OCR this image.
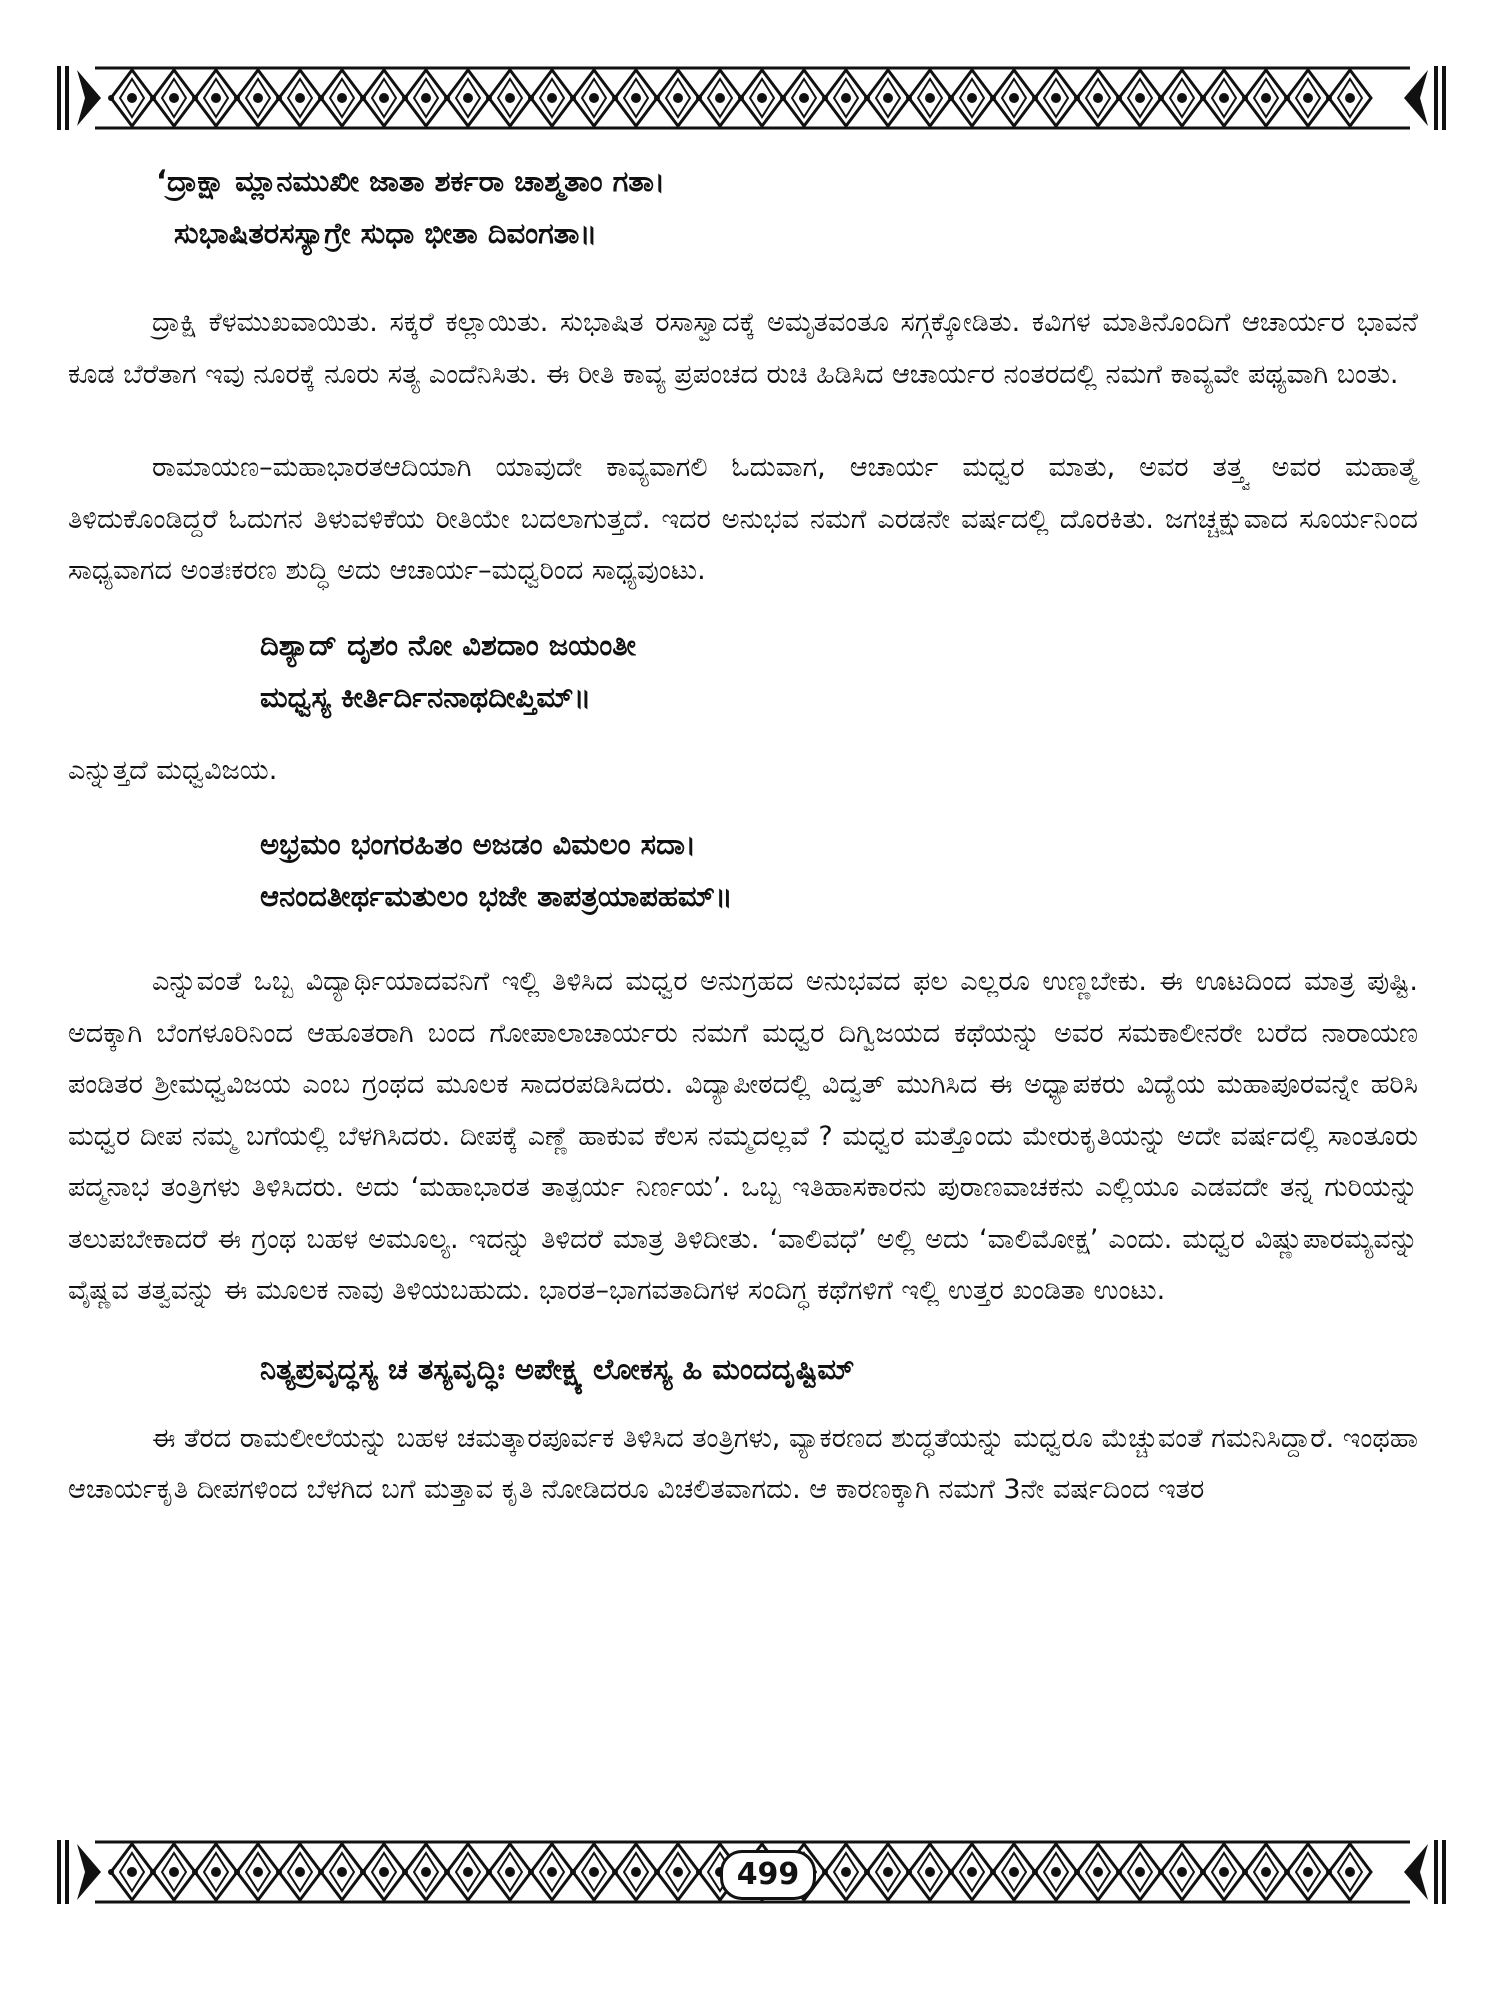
‘ದ್ರಾಕ್ಷಾ ಮ್ಲಾನಮುಖೀ ಜಾತಾ ಶರ್ಕರಾ ಚಾಶ್ಮತಾಂ ಗತಾ।
ಸುಭಾಷಿತರಸಸ್ಯಾಗ್ರೇ ಸುಧಾ ಭೀತಾ ದಿವಂಗತಾ॥

ದ್ರಾಕ್ಷಿ ಕೆಳಮುಖವಾಯಿತು. ಸಕ್ಕರೆ ಕಲ್ಲಾಯಿತು. ಸುಭಾಷಿತ ರಸಾಸ್ವಾದಕ್ಕೆ ಅಮೃತವಂತೂ ಸಗ್ಗಕ್ಕೋಡಿತು. ಕವಿಗಳ ಮಾತಿನೊಂದಿಗೆ ಆಚಾರ್ಯರ ಭಾವನೆ ಕೂಡ ಬೆರೆತಾಗ ಇವು ನೂರಕ್ಕೆ ನೂರು ಸತ್ಯ ಎಂದೆನಿಸಿತು. ಈ ರೀತಿ ಕಾವ್ಯ ಪ್ರಪಂಚದ ರುಚಿ ಹಿಡಿಸಿದ ಆಚಾರ್ಯರ ನಂತರದಲ್ಲಿ ನಮಗೆ ಕಾವ್ಯವೇ ಪಥ್ಯವಾಗಿ ಬಂತು.

ರಾಮಾಯಣ–ಮಹಾಭಾರತಆದಿಯಾಗಿ ಯಾವುದೇ ಕಾವ್ಯವಾಗಲಿ ಓದುವಾಗ, ಆಚಾರ್ಯ ಮಧ್ವರ ಮಾತು, ಅವರ ತತ್ತ್ವ ಅವರ ಮಹಾತ್ಮೆ ತಿಳಿದುಕೊಂಡಿದ್ದರೆ ಓದುಗನ ತಿಳುವಳಿಕೆಯ ರೀತಿಯೇ ಬದಲಾಗುತ್ತದೆ. ಇದರ ಅನುಭವ ನಮಗೆ ಎರಡನೇ ವರ್ಷದಲ್ಲಿ ದೊರಕಿತು. ಜಗಚ್ಚಕ್ಷುವಾದ ಸೂರ್ಯನಿಂದ ಸಾಧ್ಯವಾಗದ ಅಂತಃಕರಣ ಶುದ್ಧಿ ಅದು ಆಚಾರ್ಯ–ಮಧ್ವರಿಂದ ಸಾಧ್ಯವುಂಟು.

ದಿಶ್ಯಾದ್ ದೃಶಂ ನೋ ವಿಶದಾಂ ಜಯಂತೀ
ಮಧ್ವಸ್ಯ ಕೀರ್ತಿರ್ದಿನನಾಥದೀಪ್ತಿಮ್॥

ಎನ್ನುತ್ತದೆ ಮಧ್ವವಿಜಯ.

ಅಭ್ರಮಂ ಭಂಗರಹಿತಂ ಅಜಡಂ ವಿಮಲಂ ಸದಾ।
ಆನಂದತೀರ್ಥಮತುಲಂ ಭಜೇ ತಾಪತ್ರಯಾಪಹಮ್॥

ಎನ್ನುವಂತೆ ಒಬ್ಬ ವಿದ್ಯಾರ್ಥಿಯಾದವನಿಗೆ ಇಲ್ಲಿ ತಿಳಿಸಿದ ಮಧ್ವರ ಅನುಗ್ರಹದ ಅನುಭವದ ಫಲ ಎಲ್ಲರೂ ಉಣ್ಣಬೇಕು. ಈ ಊಟದಿಂದ ಮಾತ್ರ ಪುಷ್ಟಿ. ಅದಕ್ಕಾಗಿ ಬೆಂಗಳೂರಿನಿಂದ ಆಹೂತರಾಗಿ ಬಂದ ಗೋಪಾಲಾಚಾರ್ಯರು ನಮಗೆ ಮಧ್ವರ ದಿಗ್ವಿಜಯದ ಕಥೆಯನ್ನು ಅವರ ಸಮಕಾಲೀನರೇ ಬರೆದ ನಾರಾಯಣ ಪಂಡಿತರ ಶ್ರೀಮಧ್ವವಿಜಯ ಎಂಬ ಗ್ರಂಥದ ಮೂಲಕ ಸಾದರಪಡಿಸಿದರು. ವಿದ್ಯಾಪೀಠದಲ್ಲಿ ವಿದ್ವತ್ ಮುಗಿಸಿದ ಈ ಅಧ್ಯಾಪಕರು ವಿದ್ಯೆಯ ಮಹಾಪೂರವನ್ನೇ ಹರಿಸಿ ಮಧ್ವರ ದೀಪ ನಮ್ಮ ಬಗೆಯಲ್ಲಿ ಬೆಳಗಿಸಿದರು. ದೀಪಕ್ಕೆ ಎಣ್ಣೆ ಹಾಕುವ ಕೆಲಸ ನಮ್ಮದಲ್ಲವೆ ? ಮಧ್ವರ ಮತ್ತೊಂದು ಮೇರುಕೃತಿಯನ್ನು ಅದೇ ವರ್ಷದಲ್ಲಿ ಸಾಂತೂರು ಪದ್ಮನಾಭ ತಂತ್ರಿಗಳು ತಿಳಿಸಿದರು. ಅದು ‘ಮಹಾಭಾರತ ತಾತ್ಪರ್ಯ ನಿರ್ಣಯ’. ಒಬ್ಬ ಇತಿಹಾಸಕಾರನು ಪುರಾಣವಾಚಕನು ಎಲ್ಲಿಯೂ ಎಡವದೇ ತನ್ನ ಗುರಿಯನ್ನು ತಲುಪಬೇಕಾದರೆ ಈ ಗ್ರಂಥ ಬಹಳ ಅಮೂಲ್ಯ. ಇದನ್ನು ತಿಳಿದರೆ ಮಾತ್ರ ತಿಳಿದೀತು. ‘ವಾಲಿವಧೆ’ ಅಲ್ಲಿ ಅದು ‘ವಾಲಿಮೋಕ್ಷ’ ಎಂದು. ಮಧ್ವರ ವಿಷ್ಣುಪಾರಮ್ಯವನ್ನು ವೈಷ್ಣವ ತತ್ವವನ್ನು ಈ ಮೂಲಕ ನಾವು ತಿಳಿಯಬಹುದು. ಭಾರತ–ಭಾಗವತಾದಿಗಳ ಸಂದಿಗ್ಧ ಕಥೆಗಳಿಗೆ ಇಲ್ಲಿ ಉತ್ತರ ಖಂಡಿತಾ ಉಂಟು.

ನಿತ್ಯಪ್ರವೃದ್ಧಸ್ಯ ಚ ತಸ್ಯವೃದ್ಧಿಃ ಅಪೇಕ್ಷ್ಯ ಲೋಕಸ್ಯ ಹಿ ಮಂದದೃಷ್ಟಿಮ್

ಈ ತೆರದ ರಾಮಲೀಲೆಯನ್ನು ಬಹಳ ಚಮತ್ಕಾರಪೂರ್ವಕ ತಿಳಿಸಿದ ತಂತ್ರಿಗಳು, ವ್ಯಾಕರಣದ ಶುದ್ಧತೆಯನ್ನು ಮಧ್ವರೂ ಮೆಚ್ಚುವಂತೆ ಗಮನಿಸಿದ್ದಾರೆ. ಇಂಥಹಾ ಆಚಾರ್ಯಕೃತಿ ದೀಪಗಳಿಂದ ಬೆಳಗಿದ ಬಗೆ ಮತ್ತಾವ ಕೃತಿ ನೋಡಿದರೂ ವಿಚಲಿತವಾಗದು. ಆ ಕಾರಣಕ್ಕಾಗಿ ನಮಗೆ 3ನೇ ವರ್ಷದಿಂದ ಇತರ

499
